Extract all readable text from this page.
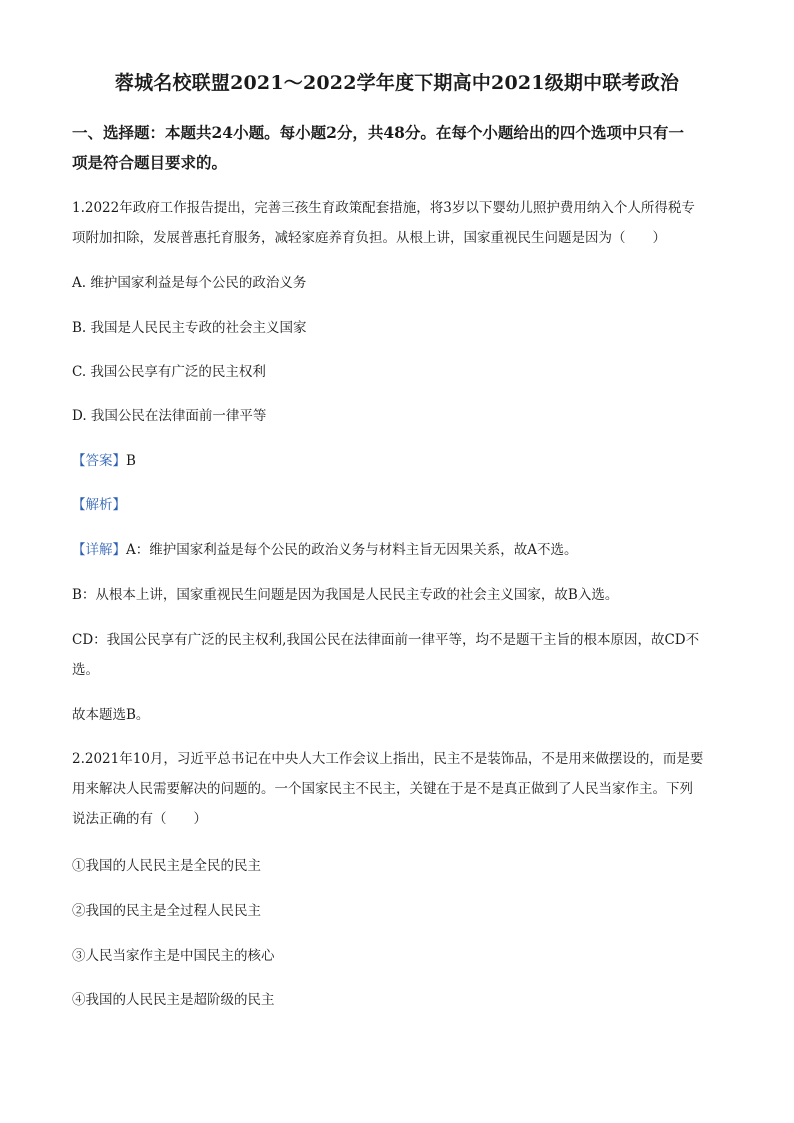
蓉城名校联盟2021～2022学年度下期高中2021级期中联考政治
一、选择题：本题共24小题。每小题2分，共48分。在每个小题给出的四个选项中只有一
项是符合题目要求的。
1.2022年政府工作报告提出，完善三孩生育政策配套措施，将3岁以下婴幼儿照护费用纳入个人所得税专
项附加扣除，发展普惠托育服务，减轻家庭养育负担。从根上讲，国家重视民生问题是因为（　　）
A. 维护国家利益是每个公民的政治义务
B. 我国是人民民主专政的社会主义国家
C. 我国公民享有广泛的民主权利
D. 我国公民在法律面前一律平等
【答案】B
【解析】
【详解】A：维护国家利益是每个公民的政治义务与材料主旨无因果关系，故A不选。
B：从根本上讲，国家重视民生问题是因为我国是人民民主专政的社会主义国家，故B入选。
CD：我国公民享有广泛的民主权利,我国公民在法律面前一律平等，均不是题干主旨的根本原因，故CD不
选。
故本题选B。
2.2021年10月，习近平总书记在中央人大工作会议上指出，民主不是装饰品，不是用来做摆设的，而是要
用来解决人民需要解决的问题的。一个国家民主不民主，关键在于是不是真正做到了人民当家作主。下列
说法正确的有（　　）
①我国的人民民主是全民的民主
②我国的民主是全过程人民民主
③人民当家作主是中国民主的核心
④我国的人民民主是超阶级的民主
